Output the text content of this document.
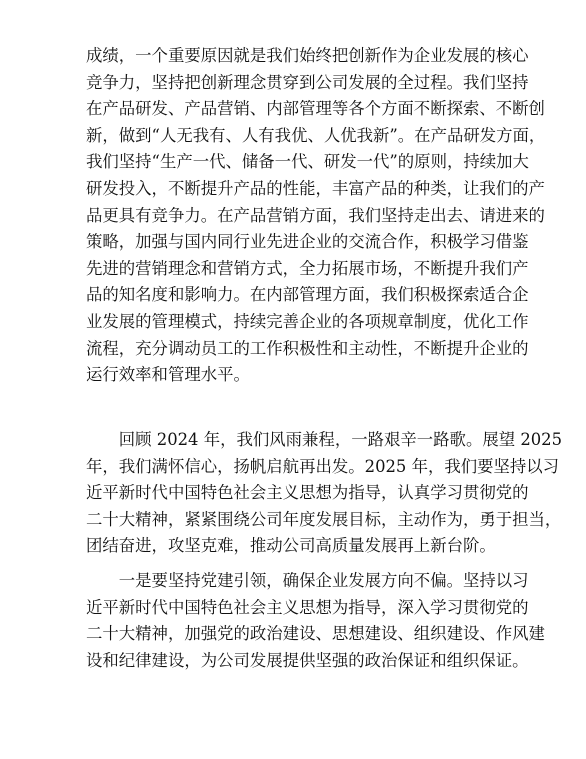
成绩，一个重要原因就是我们始终把创新作为企业发展的核心
竞争力，坚持把创新理念贯穿到公司发展的全过程。我们坚持
在产品研发、产品营销、内部管理等各个方面不断探索、不断创
新，做到“人无我有、人有我优、人优我新”。在产品研发方面，
我们坚持“生产一代、储备一代、研发一代”的原则，持续加大
研发投入，不断提升产品的性能，丰富产品的种类，让我们的产
品更具有竞争力。在产品营销方面，我们坚持走出去、请进来的
策略，加强与国内同行业先进企业的交流合作，积极学习借鉴
先进的营销理念和营销方式，全力拓展市场，不断提升我们产
品的知名度和影响力。在内部管理方面，我们积极探索适合企
业发展的管理模式，持续完善企业的各项规章制度，优化工作
流程，充分调动员工的工作积极性和主动性，不断提升企业的
运行效率和管理水平。
　　回顾 2024 年，我们风雨兼程，一路艰辛一路歌。展望 2025
年，我们满怀信心，扬帆启航再出发。2025 年，我们要坚持以习
近平新时代中国特色社会主义思想为指导，认真学习贯彻党的
二十大精神，紧紧围绕公司年度发展目标，主动作为，勇于担当，
团结奋进，攻坚克难，推动公司高质量发展再上新台阶。
　　一是要坚持党建引领，确保企业发展方向不偏。坚持以习
近平新时代中国特色社会主义思想为指导，深入学习贯彻党的
二十大精神，加强党的政治建设、思想建设、组织建设、作风建
设和纪律建设，为公司发展提供坚强的政治保证和组织保证。
